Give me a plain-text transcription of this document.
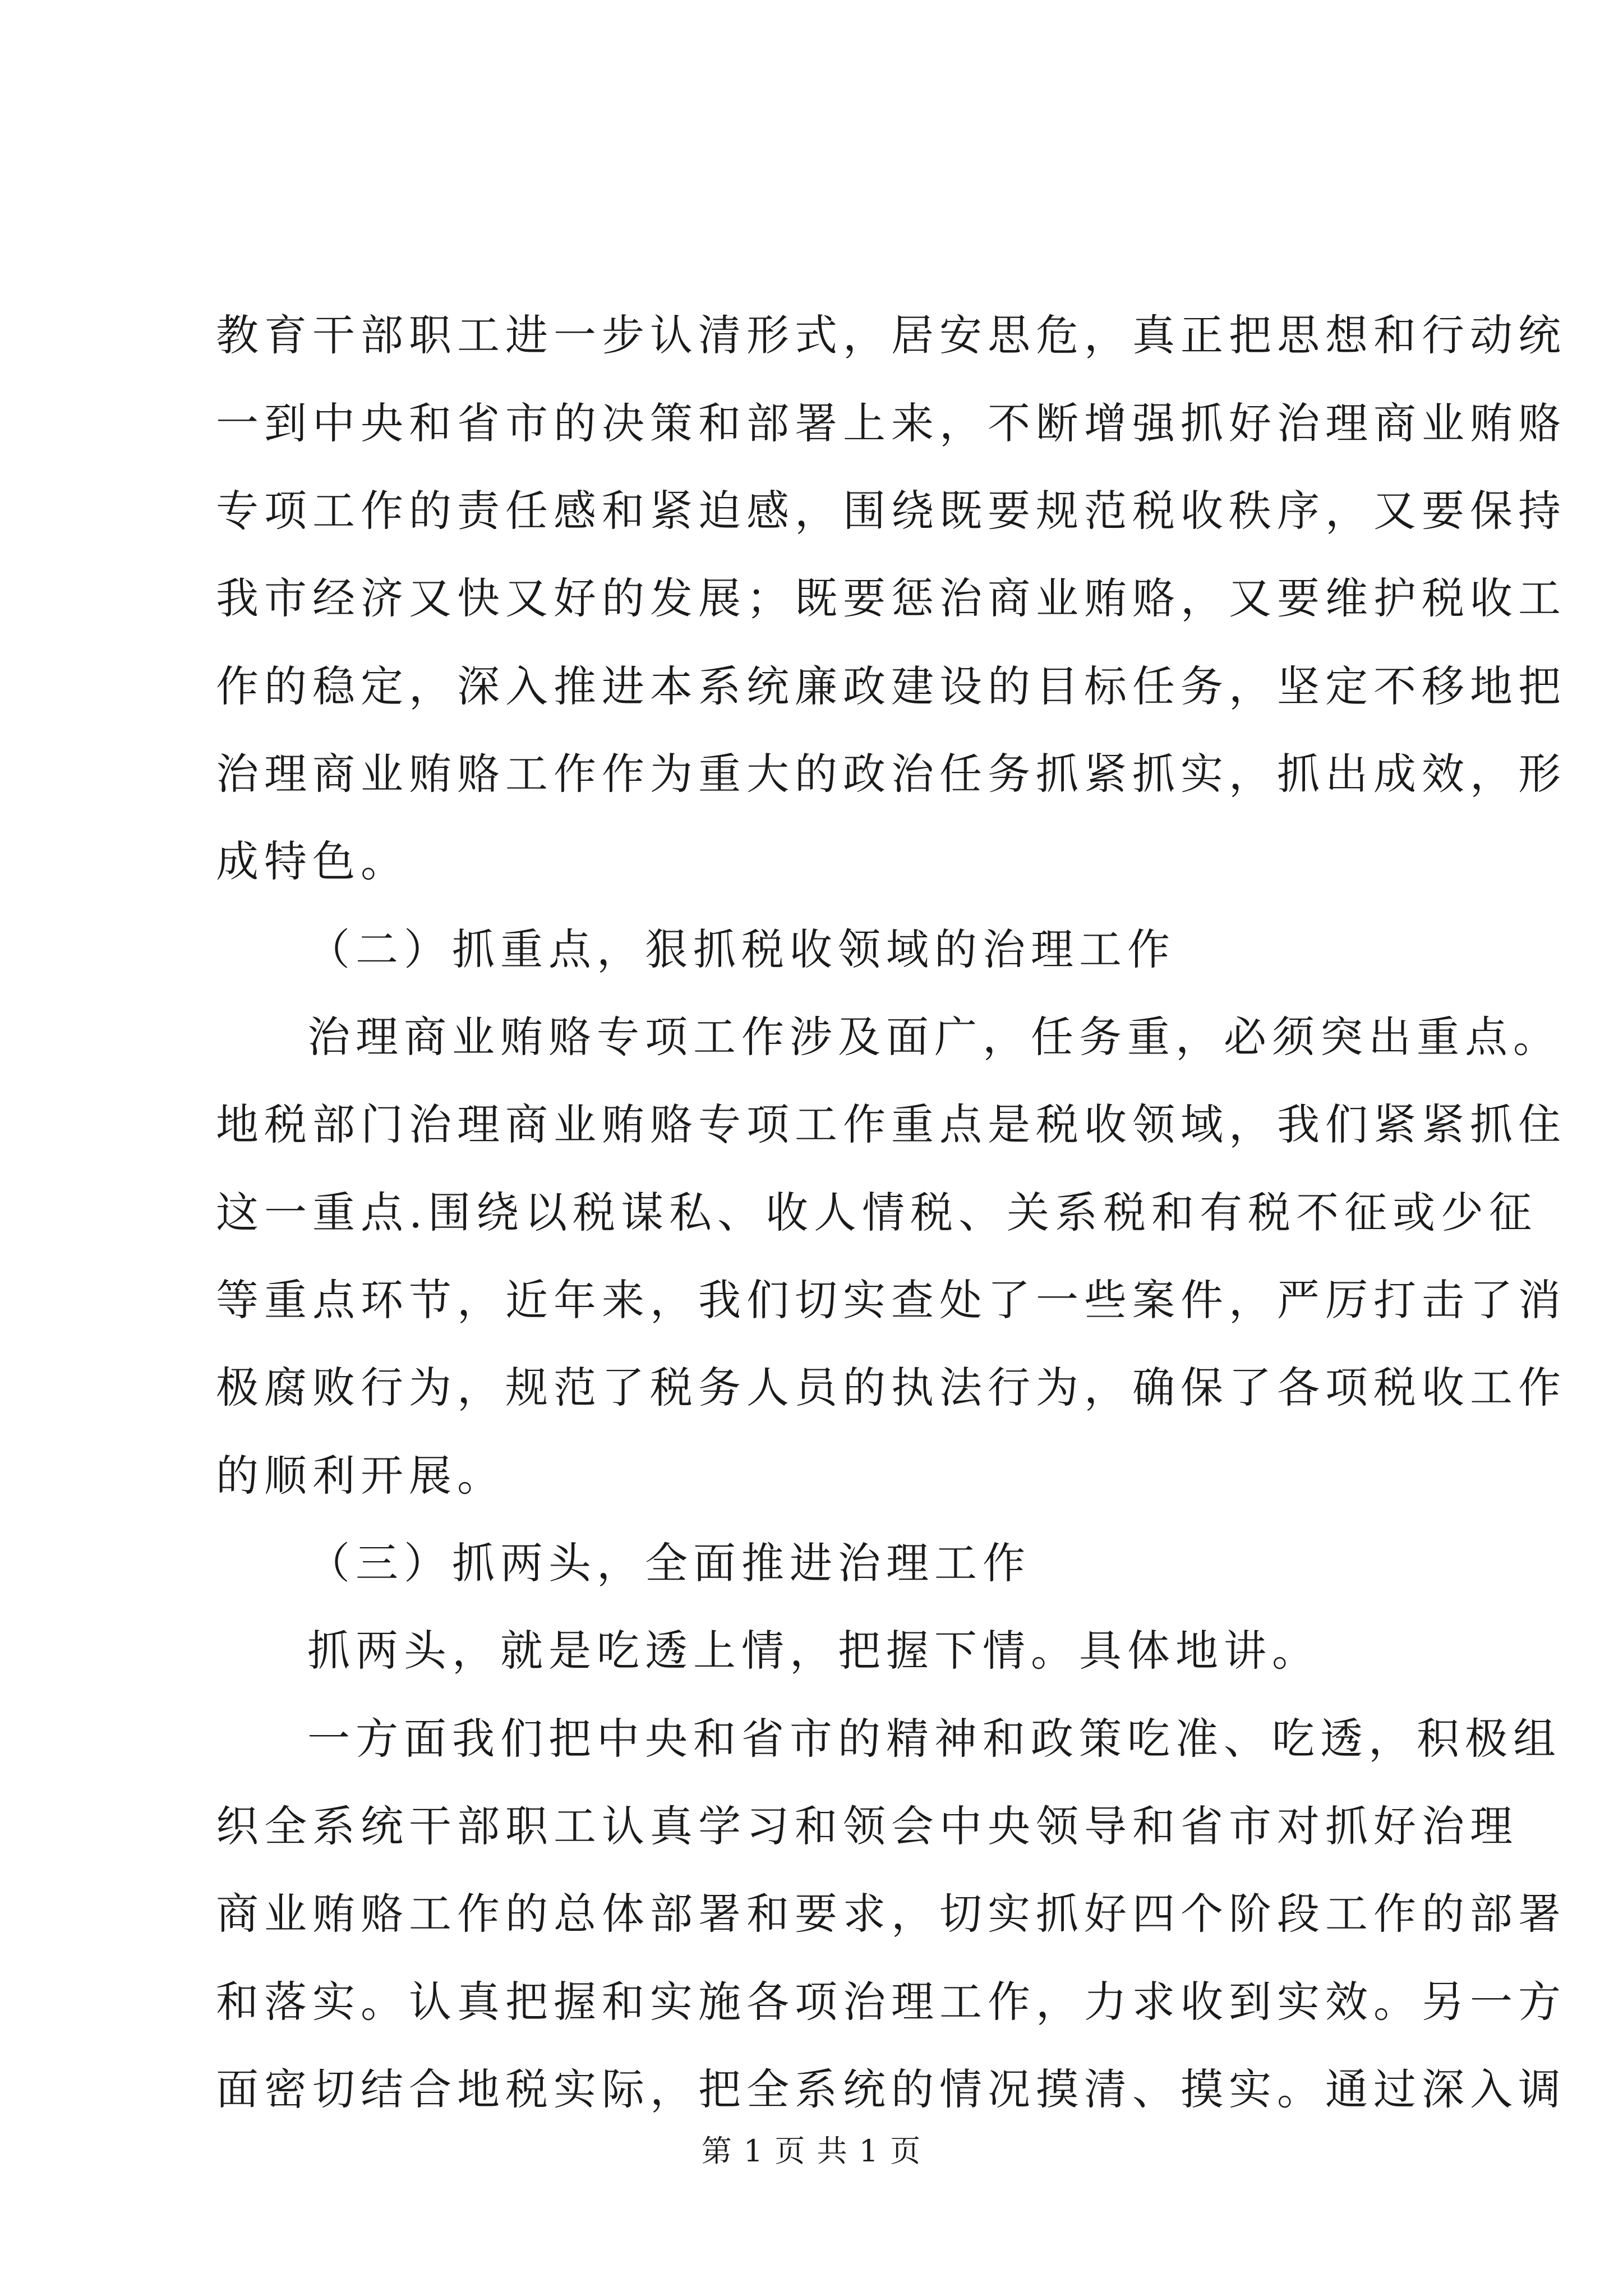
教育干部职工进一步认清形式，居安思危，真正把思想和行动统
一到中央和省市的决策和部署上来，不断增强抓好治理商业贿赂
专项工作的责任感和紧迫感，围绕既要规范税收秩序，又要保持
我市经济又快又好的发展；既要惩治商业贿赂，又要维护税收工
作的稳定，深入推进本系统廉政建设的目标任务，坚定不移地把
治理商业贿赂工作作为重大的政治任务抓紧抓实，抓出成效，形
成特色。
（二）抓重点，狠抓税收领域的治理工作
治理商业贿赂专项工作涉及面广，任务重，必须突出重点。
地税部门治理商业贿赂专项工作重点是税收领域，我们紧紧抓住
这一重点.围绕以税谋私、收人情税、关系税和有税不征或少征
等重点环节，近年来，我们切实查处了一些案件，严厉打击了消
极腐败行为，规范了税务人员的执法行为，确保了各项税收工作
的顺利开展。
（三）抓两头，全面推进治理工作
抓两头，就是吃透上情，把握下情。具体地讲。
一方面我们把中央和省市的精神和政策吃准、吃透，积极组
织全系统干部职工认真学习和领会中央领导和省市对抓好治理
商业贿赂工作的总体部署和要求，切实抓好四个阶段工作的部署
和落实。认真把握和实施各项治理工作，力求收到实效。另一方
第 1 页 共 1 页
面密切结合地税实际，把全系统的情况摸清、摸实。通过深入调
